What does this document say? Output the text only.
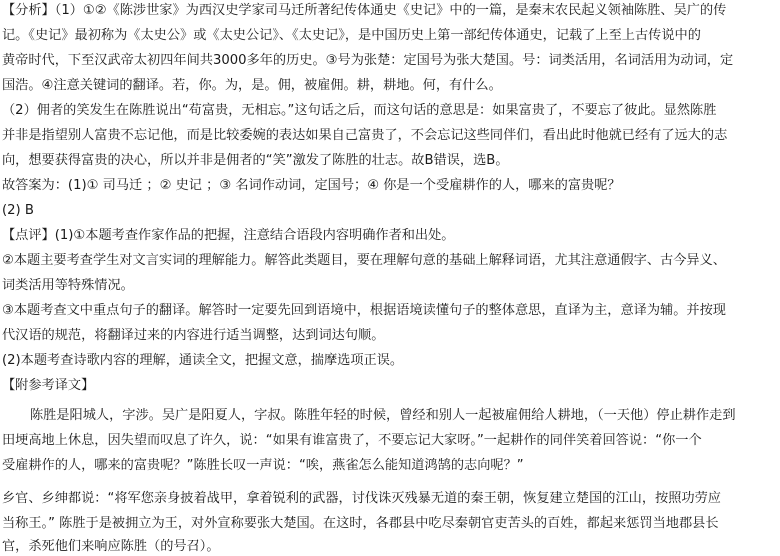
【分析】（1）①②《陈涉世家》为西汉史学家司马迁所著纪传体通史《史记》中的一篇，是秦末农民起义领袖陈胜、吴广的传
记。《史记》最初称为《太史公》或《太史公记》、《太史记》，是中国历史上第一部纪传体通史，记载了上至上古传说中的
黄帝时代，下至汉武帝太初四年间共3000多年的历史。③号为张楚：定国号为张大楚国。号：词类活用，名词活用为动词，定
国浩。④注意关键词的翻译。若，你。为，是。佣，被雇佣。耕，耕地。何，有什么。
（2）佣者的笑发生在陈胜说出“苟富贵，无相忘。”这句话之后，而这句话的意思是：如果富贵了，不要忘了彼此。显然陈胜
并非是指望别人富贵不忘记他，而是比较委婉的表达如果自己富贵了，不会忘记这些同伴们，看出此时他就已经有了远大的志
向，想要获得富贵的决心，所以并非是佣者的“笑”激发了陈胜的壮志。故B错误，选B。
故答案为：(1)① 司马迁 ；② 史记 ；③ 名词作动词，定国号；④ 你是一个受雇耕作的人，哪来的富贵呢？
(2) B
【点评】(1)①本题考查作家作品的把握，注意结合语段内容明确作者和出处。
②本题主要考查学生对文言实词的理解能力。解答此类题目，要在理解句意的基础上解释词语，尤其注意通假字、古今异义、
词类活用等特殊情况。
③本题考查文中重点句子的翻译。解答时一定要先回到语境中，根据语境读懂句子的整体意思，直译为主，意译为辅。并按现
代汉语的规范，将翻译过来的内容进行适当调整，达到词达句顺。
(2)本题考查诗歌内容的理解，通读全文，把握文意，揣摩选项正误。
【附参考译文】
陈胜是阳城人，字涉。吴广是阳夏人，字叔。陈胜年轻的时候，曾经和别人一起被雇佣给人耕地，（一天他）停止耕作走到
田埂高地上休息，因失望而叹息了许久，说：“如果有谁富贵了，不要忘记大家呀。”一起耕作的同伴笑着回答说：“你一个
受雇耕作的人，哪来的富贵呢？”陈胜长叹一声说：“唉，燕雀怎么能知道鸿鹄的志向呢？”
乡官、乡绅都说：“将军您亲身披着战甲，拿着锐利的武器，讨伐诛灭残暴无道的秦王朝，恢复建立楚国的江山，按照功劳应
当称王。” 陈胜于是被拥立为王，对外宣称要张大楚国。在这时，各郡县中吃尽秦朝官吏苦头的百姓，都起来惩罚当地郡县长
官，杀死他们来响应陈胜（的号召）。
